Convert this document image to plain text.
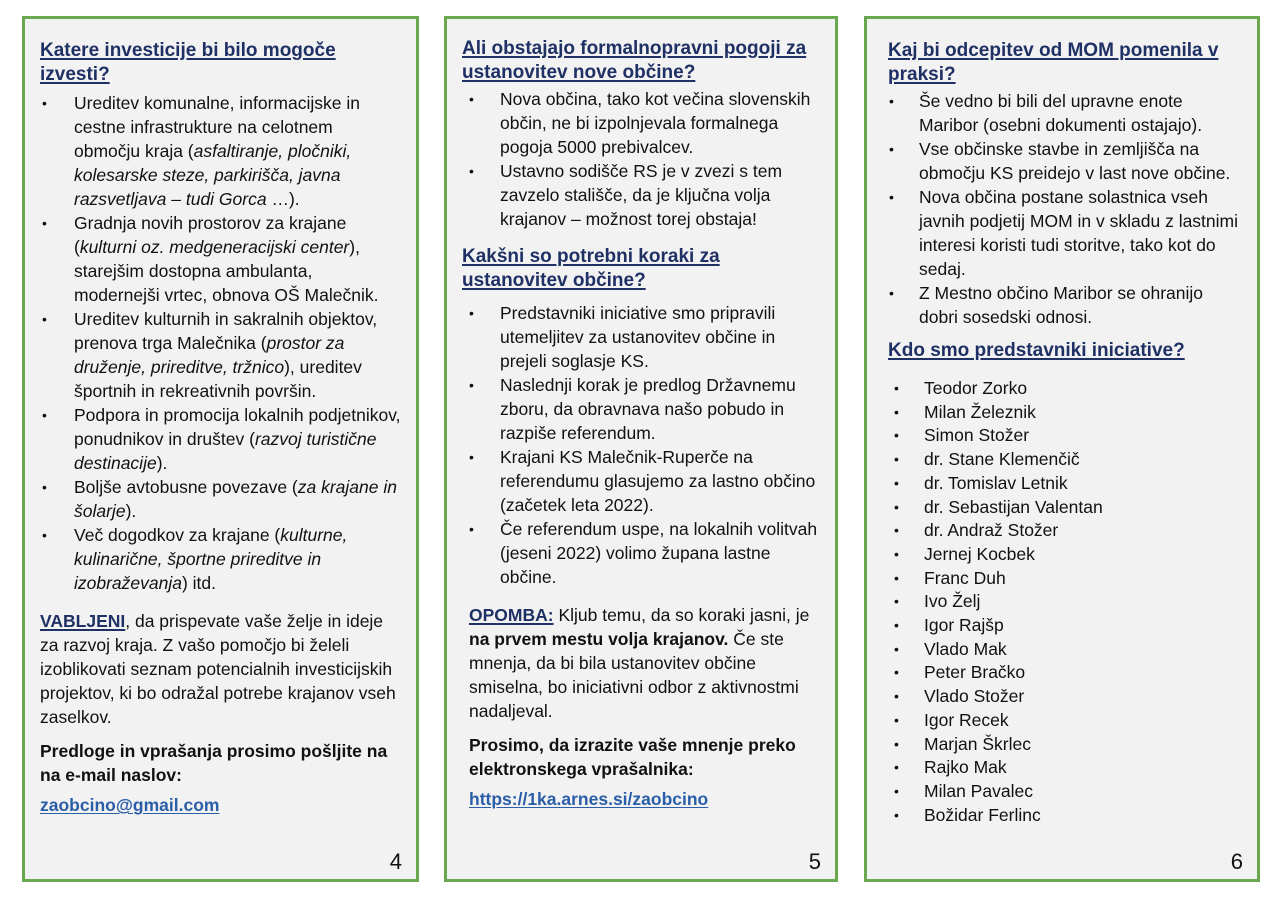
Katere investicije bi bilo mogoče izvesti?
• Ureditev komunalne, informacijske in cestne infrastrukture na celotnem območju kraja (asfaltiranje, pločniki, kolesarske steze, parkirišča, javna razsvetljava – tudi Gorca …).
• Gradnja novih prostorov za krajane (kulturni oz. medgeneracijski center), starejšim dostopna ambulanta, modernejši vrtec, obnova OŠ Malečnik.
• Ureditev kulturnih in sakralnih objektov, prenova trga Malečnika (prostor za druženje, prireditve, tržnico), ureditev športnih in rekreativnih površin.
• Podpora in promocija lokalnih podjetnikov, ponudnikov in društev (razvoj turistične destinacije).
• Boljše avtobusne povezave (za krajane in šolarje).
• Več dogodkov za krajane (kulturne, kulinarične, športne prireditve in izobraževanja) itd.

VABLJENI, da prispevate vaše želje in ideje za razvoj kraja. Z vašo pomočjo bi želeli izoblikovati seznam potencialnih investicijskih projektov, ki bo odražal potrebe krajanov vseh zaselkov.

Predloge in vprašanja prosimo pošljite na na e-mail naslov:

zaobcino@gmail.com
4
Ali obstajajo formalnopravni pogoji za ustanovitev nove občine?
• Nova občina, tako kot večina slovenskih občin, ne bi izpolnjevala formalnega pogoja 5000 prebivalcev.
• Ustavno sodišče RS je v zvezi s tem zavzelo stališče, da je ključna volja krajanov – možnost torej obstaja!
Kakšni so potrebni koraki za ustanovitev občine?
• Predstavniki iniciative smo pripravili utemeljitev za ustanovitev občine in prejeli soglasje KS.
• Naslednji korak je predlog Državnemu zboru, da obravnava našo pobudo in razpiše referendum.
• Krajani KS Malečnik-Ruperče na referendumu glasujemo za lastno občino (začetek leta 2022).
• Če referendum uspe, na lokalnih volitvah (jeseni 2022) volimo župana lastne občine.

OPOMBA: Kljub temu, da so koraki jasni, je na prvem mestu volja krajanov. Če ste mnenja, da bi bila ustanovitev občine smiselna, bo iniciativni odbor z aktivnostmi nadaljeval.

Prosimo, da izrazite vaše mnenje preko elektronskega vprašalnika:

https://1ka.arnes.si/zaobcino
5
Kaj bi odcepitev od MOM pomenila v praksi?
• Še vedno bi bili del upravne enote Maribor (osebni dokumenti ostajajo).
• Vse občinske stavbe in zemljišča na območju KS preidejo v last nove občine.
• Nova občina postane solastnica vseh javnih podjetij MOM in v skladu z lastnimi interesi koristi tudi storitve, tako kot do sedaj.
• Z Mestno občino Maribor se ohranijo dobri sosedski odnosi.
Kdo smo predstavniki iniciative?
• Teodor Zorko
• Milan Železnik
• Simon Stožer
• dr. Stane Klemenčič
• dr. Tomislav Letnik
• dr. Sebastijan Valentan
• dr. Andraž Stožer
• Jernej Kocbek
• Franc Duh
• Ivo Želj
• Igor Rajšp
• Vlado Mak
• Peter Bračko
• Vlado Stožer
• Igor Recek
• Marjan Škrlec
• Rajko Mak
• Milan Pavalec
• Božidar Ferlinc
6
